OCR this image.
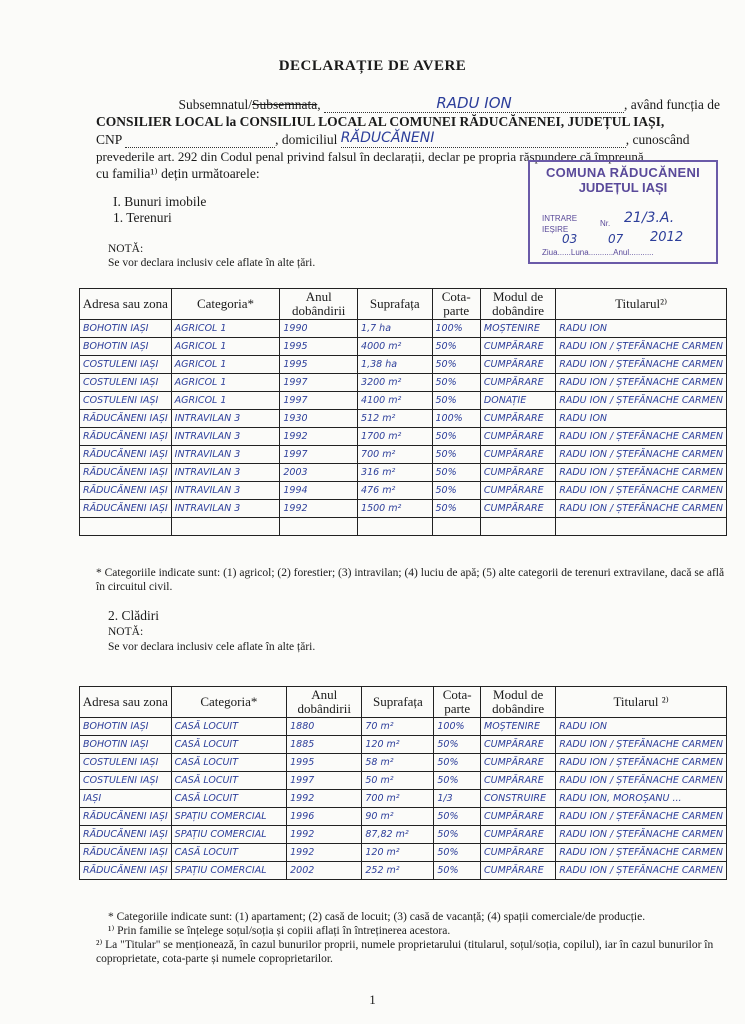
DECLARAȚIE DE AVERE
Subsemnatul/Subsemnata,	RADU ION	, având funcția de
CONSILIER LOCAL la CONSILIUL LOCAL AL COMUNEI RĂDUCĂNENEI, JUDEȚUL IAȘI,
CNP	, domiciliul RĂDUCĂNENI	, cunoscând
prevederile art. 292 din Codul penal privind falsul în declarații, declar pe propria răspundere că împreună
cu familia¹⁾ dețin următoarele:	COMUNA RĂDUCĂNENI
JUDEȚUL IAȘI
INTRARE
IEȘIRE
Nr. 21/3.A.
03	07 2012
Ziua......Luna...........Anul...........
I. Bunuri imobile
1. Terenuri
NOTĂ:
Se vor declara inclusiv cele aflate în alte țări.
Adresa sau zona	Categoria*	Anul dobândirii	Suprafața	Cota-parte	Modul de dobândire	Titularul²⁾
BOHOTIN IAȘI	AGRICOL 1	1990	1,7 ha	100%	MOȘTENIRE	RADU ION
BOHOTIN IAȘI	AGRICOL 1	1995	4000 m²	50%	CUMPĂRARE	RADU ION / ȘTEFĂNACHE CARMEN
COSTULENI IAȘI	AGRICOL 1	1995	1,38 ha	50%	CUMPĂRARE	RADU ION / ȘTEFĂNACHE CARMEN
COSTULENI IAȘI	AGRICOL 1	1997	3200 m²	50%	CUMPĂRARE	RADU ION / ȘTEFĂNACHE CARMEN
COSTULENI IAȘI	AGRICOL 1	1997	4100 m²	50%	DONAȚIE	RADU ION / ȘTEFĂNACHE CARMEN
RĂDUCĂNENI IAȘI	INTRAVILAN 3	1930	512 m²	100%	CUMPĂRARE	RADU ION
RĂDUCĂNENI IAȘI	INTRAVILAN 3	1992	1700 m²	50%	CUMPĂRARE	RADU ION / ȘTEFĂNACHE CARMEN
RĂDUCĂNENI IAȘI	INTRAVILAN 3	1997	700 m²	50%	CUMPĂRARE	RADU ION / ȘTEFĂNACHE CARMEN
RĂDUCĂNENI IAȘI	INTRAVILAN 3	2003	316 m²	50%	CUMPĂRARE	RADU ION / ȘTEFĂNACHE CARMEN
RĂDUCĂNENI IAȘI	INTRAVILAN 3	1994	476 m²	50%	CUMPĂRARE	RADU ION / ȘTEFĂNACHE CARMEN
RĂDUCĂNENI IAȘI	INTRAVILAN 3	1992	1500 m²	50%	CUMPĂRARE	RADU ION / ȘTEFĂNACHE CARMEN

* Categoriile indicate sunt: (1) agricol; (2) forestier; (3) intravilan; (4) luciu de apă; (5) alte categorii de terenuri extravilane, dacă se află în circuitul civil.
2. Clădiri
NOTĂ:
Se vor declara inclusiv cele aflate în alte țări.
Adresa sau zona	Categoria*	Anul dobândirii	Suprafața	Cota-parte	Modul de dobândire	Titularul ²⁾
BOHOTIN IAȘI	CASĂ LOCUIT	1880	70 m²	100%	MOȘTENIRE	RADU ION
BOHOTIN IAȘI	CASĂ LOCUIT	1885	120 m²	50%	CUMPĂRARE	RADU ION / ȘTEFĂNACHE CARMEN
COSTULENI IAȘI	CASĂ LOCUIT	1995	58 m²	50%	CUMPĂRARE	RADU ION / ȘTEFĂNACHE CARMEN
COSTULENI IAȘI	CASĂ LOCUIT	1997	50 m²	50%	CUMPĂRARE	RADU ION / ȘTEFĂNACHE CARMEN
IAȘI	CASĂ LOCUIT	1992	700 m²	1/3	CONSTRUIRE	RADU ION, MOROȘANU ...
RĂDUCĂNENI IAȘI	SPAȚIU COMERCIAL	1996	90 m²	50%	CUMPĂRARE	RADU ION / ȘTEFĂNACHE CARMEN
RĂDUCĂNENI IAȘI	SPAȚIU COMERCIAL	1992	87,82 m²	50%	CUMPĂRARE	RADU ION / ȘTEFĂNACHE CARMEN
RĂDUCĂNENI IAȘI	CASĂ LOCUIT	1992	120 m²	50%	CUMPĂRARE	RADU ION / ȘTEFĂNACHE CARMEN
RĂDUCĂNENI IAȘI	SPAȚIU COMERCIAL	2002	252 m²	50%	CUMPĂRARE	RADU ION / ȘTEFĂNACHE CARMEN
* Categoriile indicate sunt: (1) apartament; (2) casă de locuit; (3) casă de vacanță; (4) spații comerciale/de producție.
¹⁾ Prin familie se înțelege soțul/soția și copiii aflați în întreținerea acestora.
²⁾ La "Titular" se menționează, în cazul bunurilor proprii, numele proprietarului (titularul, soțul/soția, copilul), iar în cazul bunurilor în coproprietate, cota-parte și numele coproprietarilor.
1
